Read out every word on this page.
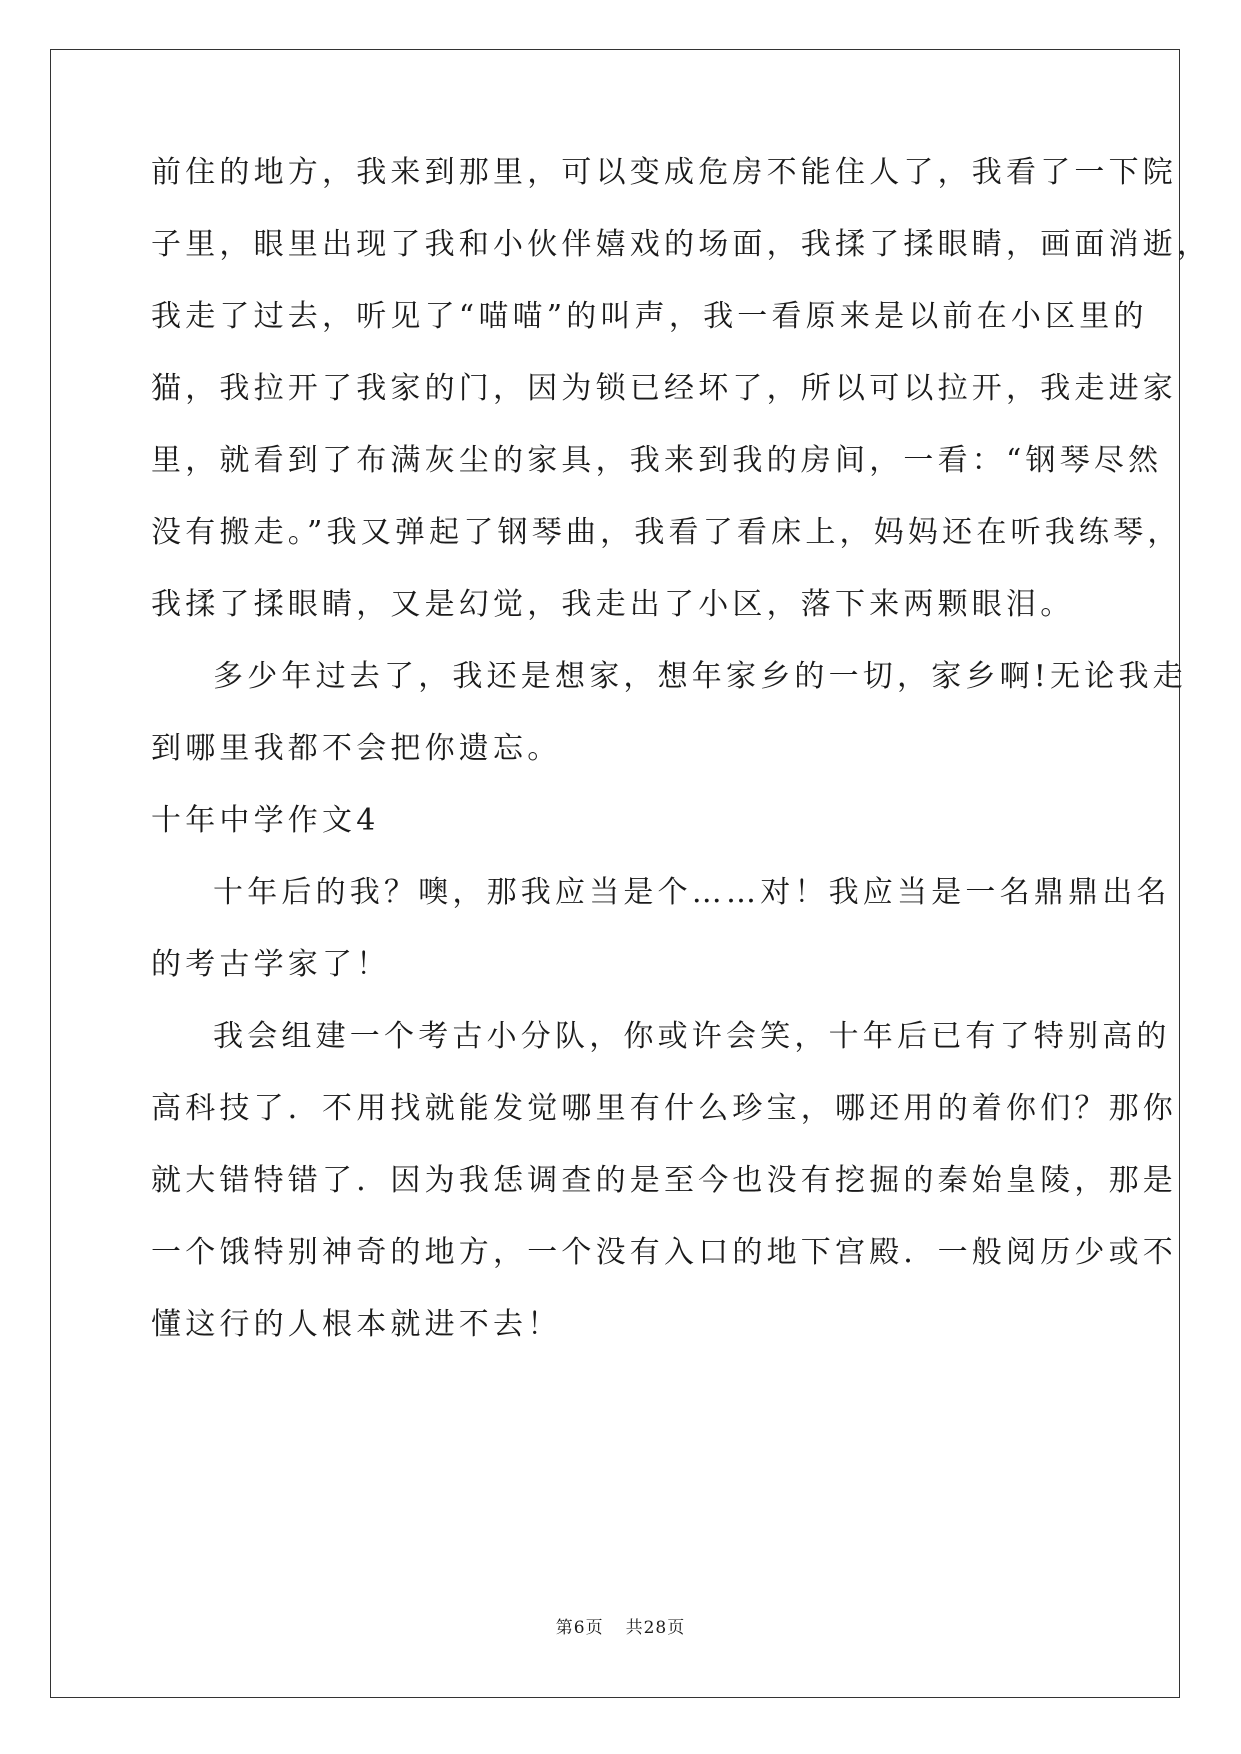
前住的地方，我来到那里，可以变成危房不能住人了，我看了一下院
子里，眼里出现了我和小伙伴嬉戏的场面，我揉了揉眼睛，画面消逝，
我走了过去，听见了“喵喵”的叫声，我一看原来是以前在小区里的
猫，我拉开了我家的门，因为锁已经坏了，所以可以拉开，我走进家
里，就看到了布满灰尘的家具，我来到我的房间，一看：“钢琴尽然
没有搬走。”我又弹起了钢琴曲，我看了看床上，妈妈还在听我练琴，
我揉了揉眼睛，又是幻觉，我走出了小区，落下来两颗眼泪。
多少年过去了，我还是想家，想年家乡的一切，家乡啊!无论我走
到哪里我都不会把你遗忘。
十年中学作文4
十年后的我？噢，那我应当是个……对！我应当是一名鼎鼎出名
的考古学家了！
我会组建一个考古小分队，你或许会笑，十年后已有了特别高的
高科技了．不用找就能发觉哪里有什么珍宝，哪还用的着你们？那你
就大错特错了．因为我恁调查的是至今也没有挖掘的秦始皇陵，那是
一个饿特别神奇的地方，一个没有入口的地下宫殿．一般阅历少或不
懂这行的人根本就进不去！
第6页 共28页
